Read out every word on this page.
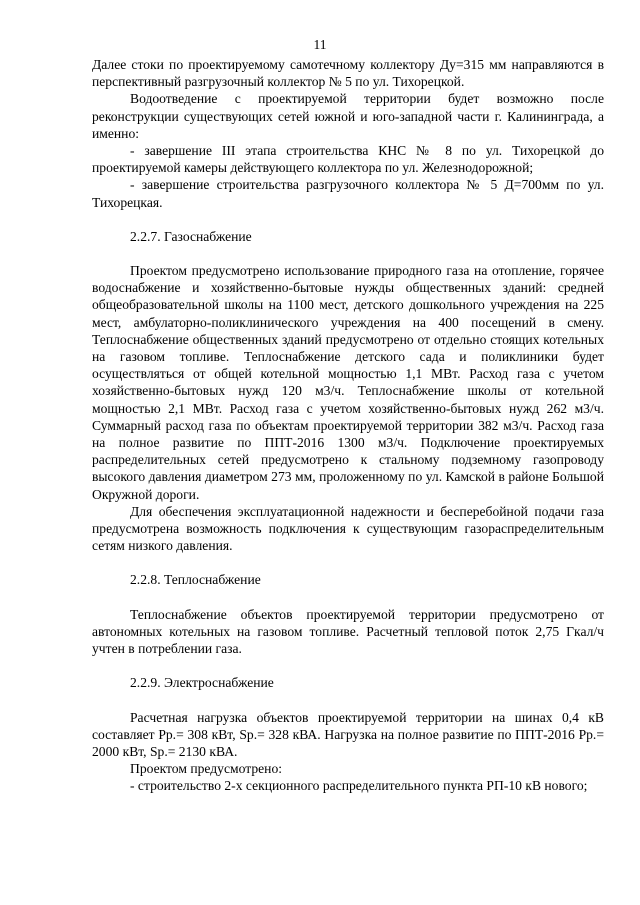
11

Далее стоки по проектируемому самотечному коллектору Ду=315 мм направляются в перспективный разгрузочный коллектор № 5 по ул. Тихорецкой.

Водоотведение с проектируемой территории будет возможно после реконструкции существующих сетей южной и юго-западной части г. Калининграда, а именно:

- завершение III этапа строительства КНС № 8 по ул. Тихорецкой до проектируемой камеры действующего коллектора по ул. Железнодорожной;

- завершение строительства разгрузочного коллектора № 5 Д=700мм по ул. Тихорецкая.

2.2.7. Газоснабжение

Проектом предусмотрено использование природного газа на отопление, горячее водоснабжение и хозяйственно-бытовые нужды общественных зданий: средней общеобразовательной школы на 1100 мест, детского дошкольного учреждения на 225 мест, амбулаторно-поликлинического учреждения на 400 посещений в смену. Теплоснабжение общественных зданий предусмотрено от отдельно стоящих котельных на газовом топливе. Теплоснабжение детского сада и поликлиники будет осуществляться от общей котельной мощностью 1,1 МВт. Расход газа с учетом хозяйственно-бытовых нужд 120 м3/ч. Теплоснабжение школы от котельной мощностью 2,1 МВт. Расход газа с учетом хозяйственно-бытовых нужд 262 м3/ч. Суммарный расход газа по объектам проектируемой территории 382 м3/ч. Расход газа на полное развитие по ППТ-2016 1300 м3/ч. Подключение проектируемых распределительных сетей предусмотрено к стальному подземному газопроводу высокого давления диаметром 273 мм, проложенному по ул. Камской в районе Большой Окружной дороги.

Для обеспечения эксплуатационной надежности и бесперебойной подачи газа предусмотрена возможность подключения к существующим газораспределительным сетям низкого давления.

2.2.8. Теплоснабжение

Теплоснабжение объектов проектируемой территории предусмотрено от автономных котельных на газовом топливе. Расчетный тепловой поток 2,75 Гкал/ч учтен в потреблении газа.

2.2.9. Электроснабжение

Расчетная нагрузка объектов проектируемой территории на шинах 0,4 кВ составляет Рр.= 308 кВт, Sр.= 328 кВА. Нагрузка на полное развитие по ППТ-2016 Рр.= 2000 кВт, Sр.= 2130 кВА.

Проектом предусмотрено:

- строительство 2-х секционного распределительного пункта РП-10 кВ нового;
